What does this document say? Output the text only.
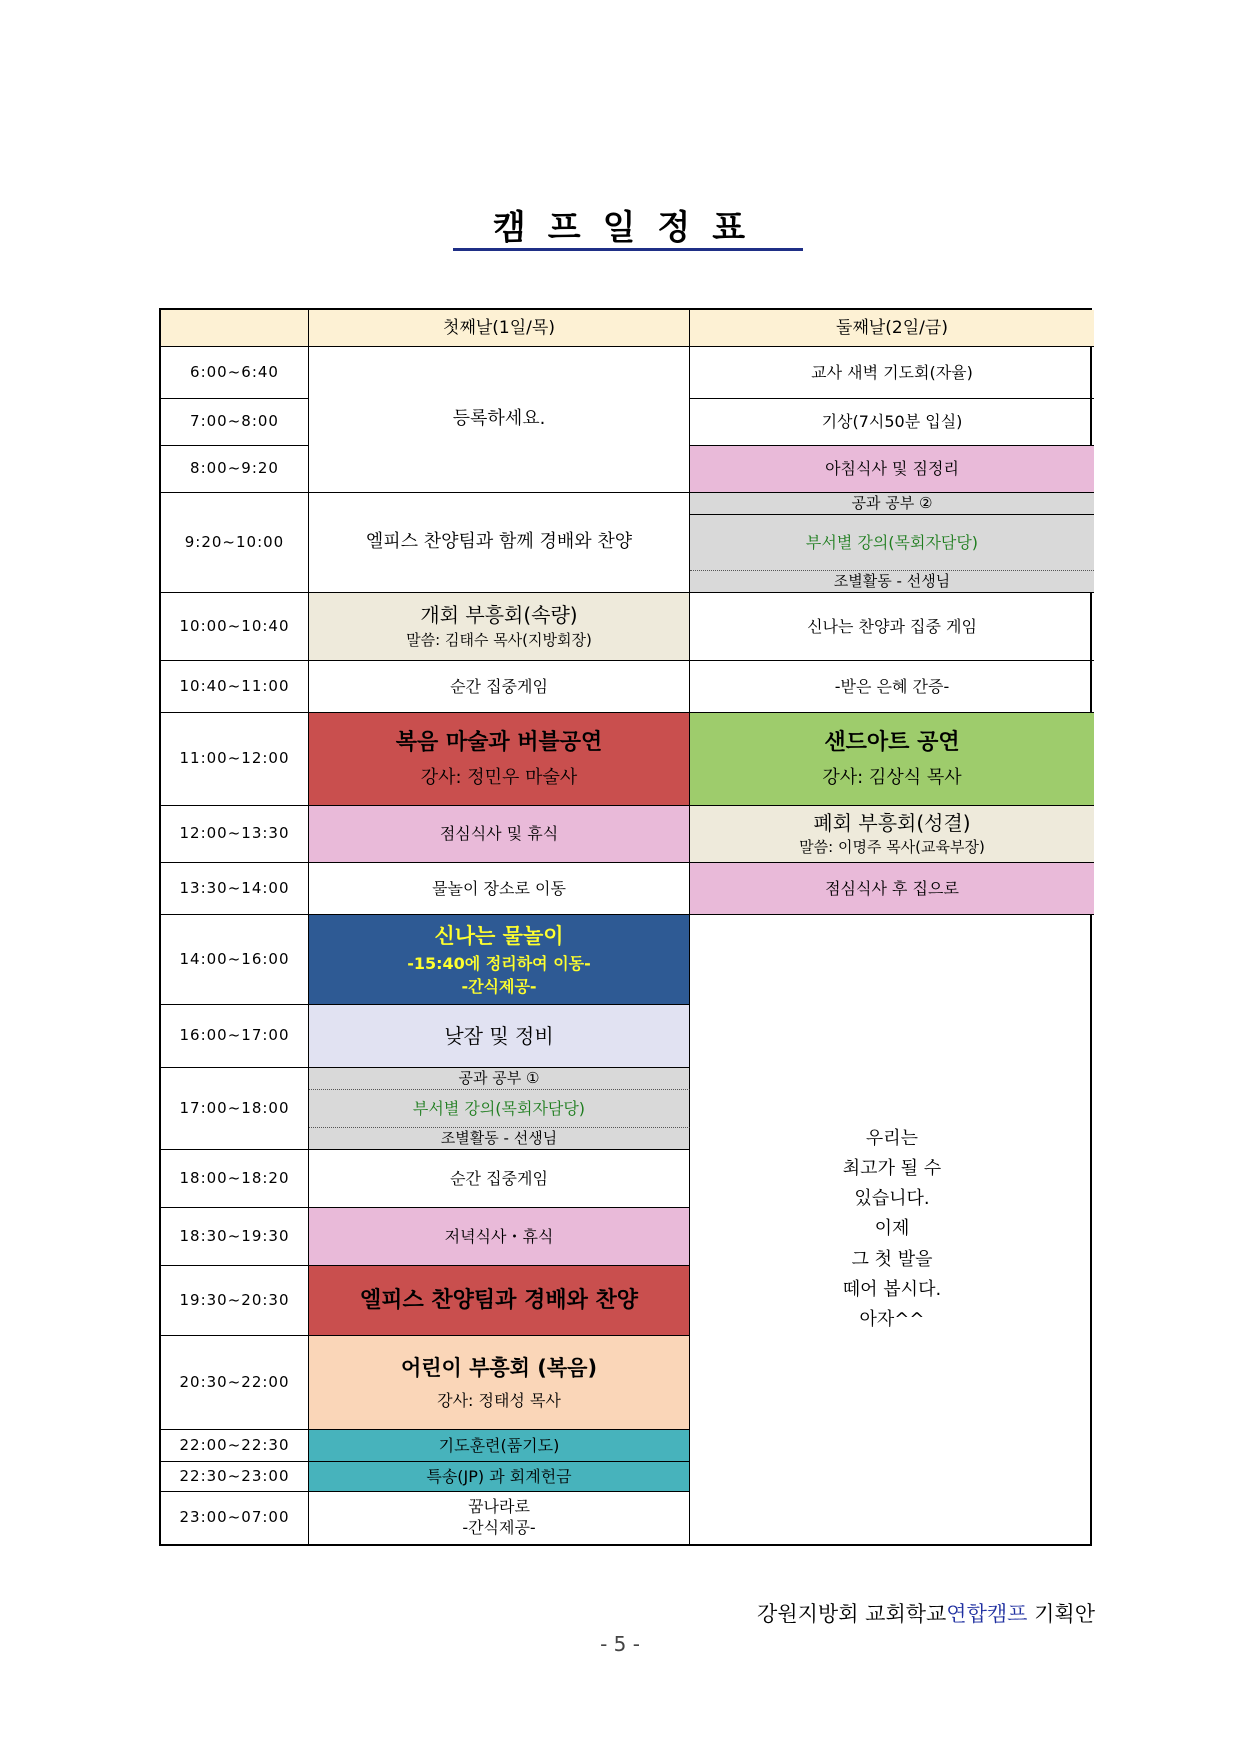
캠프일정표
첫째날(1일/목)	둘째날(2일/금)
6:00~6:40
7:00~8:00
8:00~9:20
9:20~10:00
10:00~10:40
10:40~11:00
11:00~12:00
12:00~13:30
13:30~14:00
14:00~16:00
16:00~17:00
17:00~18:00
18:00~18:20
18:30~19:30
19:30~20:30
20:30~22:00
22:00~22:30
22:30~23:00
23:00~07:00
등록하세요.
엘피스 찬양팀과 함께 경배와 찬양
개회 부흥회(속량)
말씀: 김태수 목사(지방회장)
순간 집중게임
복음 마술과 버블공연
강사: 정민우 마술사
점심식사 및 휴식
물놀이 장소로 이동
신나는 물놀이
-15:40에 정리하여 이동-
-간식제공-
낮잠 및 정비
공과 공부 ①
부서별 강의(목회자담당)
조별활동 - 선생님
순간 집중게임
저녁식사・휴식
엘피스 찬양팀과 경배와 찬양
어린이 부흥회 (복음)
강사: 정태성 목사
기도훈련(품기도)
특송(JP) 과 회계헌금
꿈나라로
-간식제공-
교사 새벽 기도회(자율)
기상(7시50분 입실)
아침식사 및 짐정리
공과 공부 ②
부서별 강의(목회자담당)
조별활동 - 선생님
신나는 찬양과 집중 게임
-받은 은혜 간증-
샌드아트 공연
강사: 김상식 목사
폐회 부흥회(성결)
말씀: 이명주 목사(교육부장)
점심식사 후 집으로
우리는
최고가 될 수
있습니다.
이제
그 첫 발을
떼어 봅시다.
아자^^
강원지방회 교회학교연합캠프 기획안
- 5 -
